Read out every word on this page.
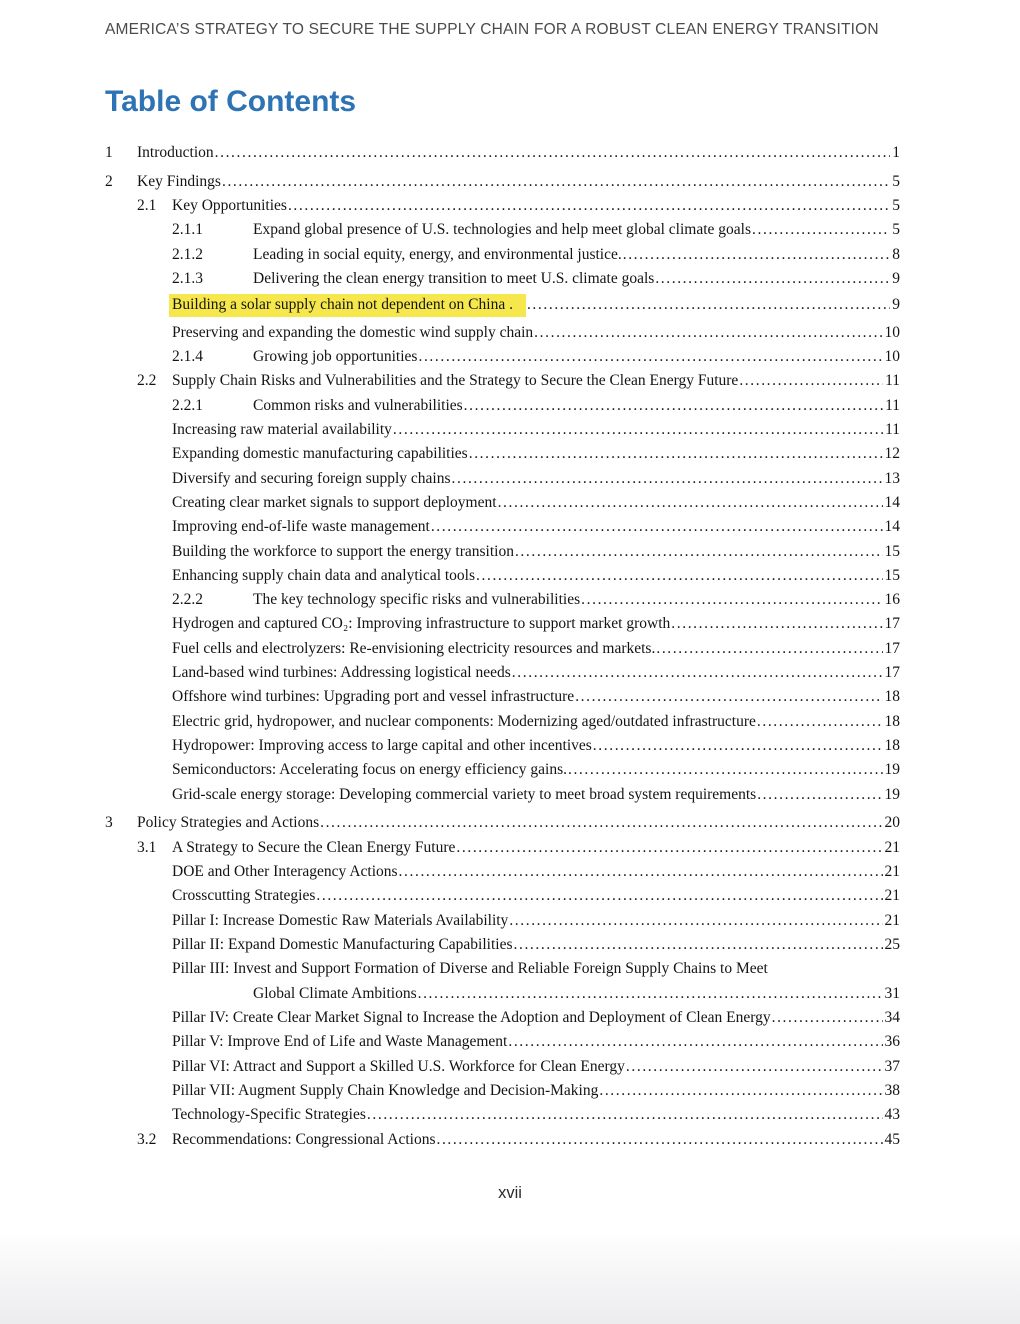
AMERICA’S STRATEGY TO SECURE THE SUPPLY CHAIN FOR A ROBUST CLEAN ENERGY TRANSITION
Table of Contents
1	Introduction .....	1
2	Key Findings .....	5
2.1	Key Opportunities .....	5
2.1.1	Expand global presence of U.S. technologies and help meet global climate goals .....	5
2.1.2	Leading in social equity, energy, and environmental justice. .....	8
2.1.3	Delivering the clean energy transition to meet U.S. climate goals .....	9
Building a solar supply chain not dependent on China . .....	9
Preserving and expanding the domestic wind supply chain .....	10
2.1.4	Growing job opportunities .....	10
2.2	Supply Chain Risks and Vulnerabilities and the Strategy to Secure the Clean Energy Future .....	11
2.2.1	Common risks and vulnerabilities .....	11
Increasing raw material availability .....	11
Expanding domestic manufacturing capabilities .....	12
Diversify and securing foreign supply chains .....	13
Creating clear market signals to support deployment .....	14
Improving end-of-life waste management .....	14
Building the workforce to support the energy transition .....	15
Enhancing supply chain data and analytical tools .....	15
2.2.2	The key technology specific risks and vulnerabilities .....	16
Hydrogen and captured CO₂: Improving infrastructure to support market growth .....	17
Fuel cells and electrolyzers: Re-envisioning electricity resources and markets. .....	17
Land-based wind turbines: Addressing logistical needs .....	17
Offshore wind turbines: Upgrading port and vessel infrastructure .....	18
Electric grid, hydropower, and nuclear components: Modernizing aged/outdated infrastructure .....	18
Hydropower: Improving access to large capital and other incentives .....	18
Semiconductors: Accelerating focus on energy efficiency gains. .....	19
Grid-scale energy storage: Developing commercial variety to meet broad system requirements .....	19
3	Policy Strategies and Actions .....	20
3.1	A Strategy to Secure the Clean Energy Future .....	21
DOE and Other Interagency Actions .....	21
Crosscutting Strategies .....	21
Pillar I: Increase Domestic Raw Materials Availability .....	21
Pillar II: Expand Domestic Manufacturing Capabilities .....	25
Pillar III: Invest and Support Formation of Diverse and Reliable Foreign Supply Chains to Meet
Global Climate Ambitions .....	31
Pillar IV: Create Clear Market Signal to Increase the Adoption and Deployment of Clean Energy .....	34
Pillar V: Improve End of Life and Waste Management .....	36
Pillar VI: Attract and Support a Skilled U.S. Workforce for Clean Energy .....	37
Pillar VII: Augment Supply Chain Knowledge and Decision-Making .....	38
Technology-Specific Strategies .....	43
3.2	Recommendations: Congressional Actions .....	45
xvii
